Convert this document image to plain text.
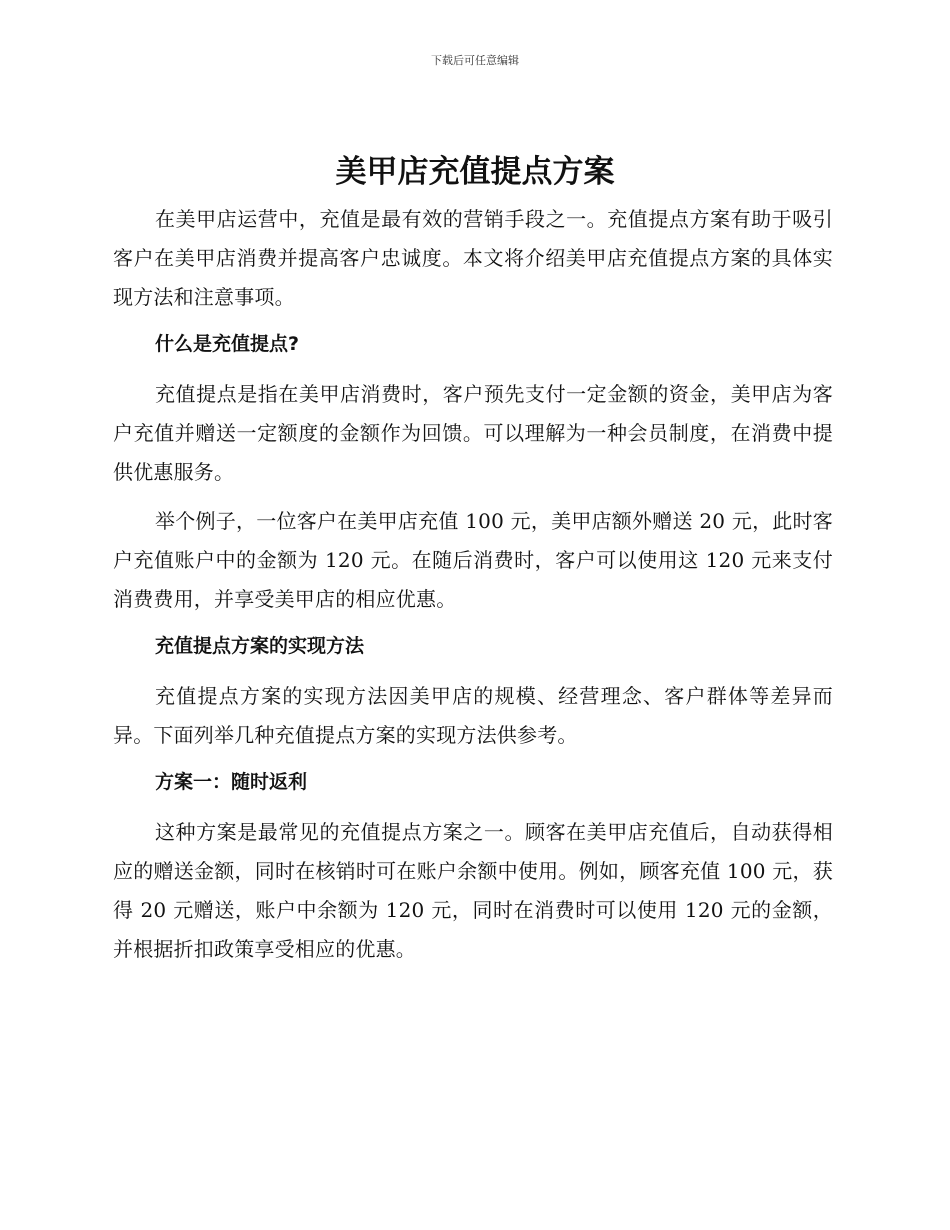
下载后可任意编辑
美甲店充值提点方案

在美甲店运营中，充值是最有效的营销手段之一。充值提点方案有助于吸引客户在美甲店消费并提高客户忠诚度。本文将介绍美甲店充值提点方案的具体实现方法和注意事项。

什么是充值提点?

充值提点是指在美甲店消费时，客户预先支付一定金额的资金，美甲店为客户充值并赠送一定额度的金额作为回馈。可以理解为一种会员制度，在消费中提供优惠服务。

举个例子，一位客户在美甲店充值 100 元，美甲店额外赠送 20 元，此时客户充值账户中的金额为 120 元。在随后消费时，客户可以使用这 120 元来支付消费费用，并享受美甲店的相应优惠。

充值提点方案的实现方法

充值提点方案的实现方法因美甲店的规模、经营理念、客户群体等差异而异。下面列举几种充值提点方案的实现方法供参考。

方案一：随时返利

这种方案是最常见的充值提点方案之一。顾客在美甲店充值后，自动获得相应的赠送金额，同时在核销时可在账户余额中使用。例如，顾客充值 100 元，获得 20 元赠送，账户中余额为 120 元，同时在消费时可以使用 120 元的金额，并根据折扣政策享受相应的优惠。
